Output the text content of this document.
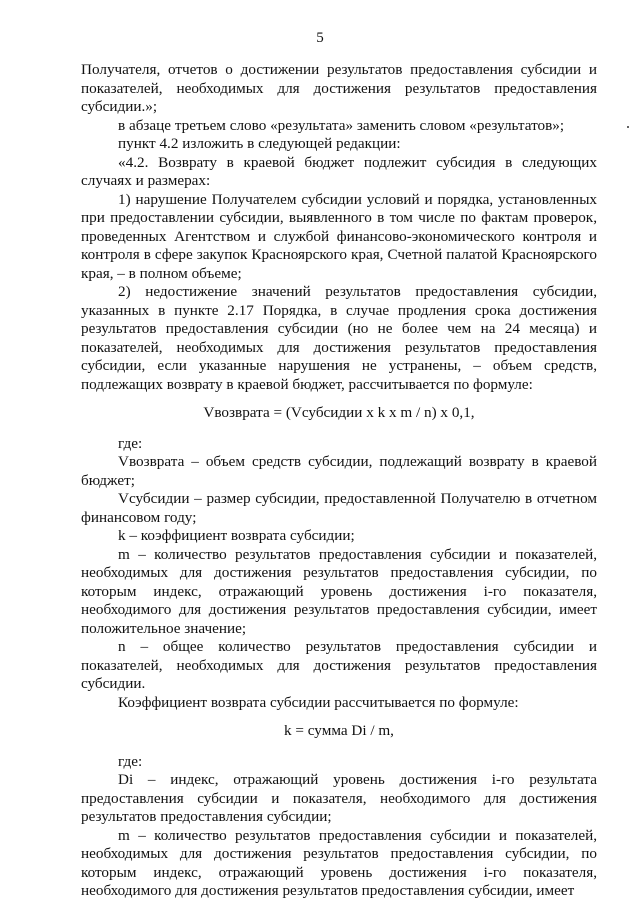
5

Получателя, отчетов о достижении результатов предоставления субсидии и показателей, необходимых для достижения результатов предоставления субсидии.»;

в абзаце третьем слово «результата» заменить словом «результатов»;

пункт 4.2 изложить в следующей редакции:

«4.2. Возврату в краевой бюджет подлежит субсидия в следующих случаях и размерах:

1) нарушение Получателем субсидии условий и порядка, установленных при предоставлении субсидии, выявленного в том числе по фактам проверок, проведенных Агентством и службой финансово-экономического контроля и контроля в сфере закупок Красноярского края, Счетной палатой Красноярского края, – в полном объеме;

2) недостижение значений результатов предоставления субсидии, указанных в пункте 2.17 Порядка, в случае продления срока достижения результатов предоставления субсидии (но не более чем на 24 месяца) и показателей, необходимых для достижения результатов предоставления субсидии, если указанные нарушения не устранены, – объем средств, подлежащих возврату в краевой бюджет, рассчитывается по формуле:

Vвозврата = (Vсубсидии x k x m / n) x 0,1,

где:

Vвозврата – объем средств субсидии, подлежащий возврату в краевой бюджет;

Vсубсидии – размер субсидии, предоставленной Получателю в отчетном финансовом году;

k – коэффициент возврата субсидии;

m – количество результатов предоставления субсидии и показателей, необходимых для достижения результатов предоставления субсидии, по которым индекс, отражающий уровень достижения i-го показателя, необходимого для достижения результатов предоставления субсидии, имеет положительное значение;

n – общее количество результатов предоставления субсидии и показателей, необходимых для достижения результатов предоставления субсидии.

Коэффициент возврата субсидии рассчитывается по формуле:

k = сумма Di / m,

где:

Di – индекс, отражающий уровень достижения i-го результата предоставления субсидии и показателя, необходимого для достижения результатов предоставления субсидии;

m – количество результатов предоставления субсидии и показателей, необходимых для достижения результатов предоставления субсидии, по которым индекс, отражающий уровень достижения i-го показателя, необходимого для достижения результатов предоставления субсидии, имеет
